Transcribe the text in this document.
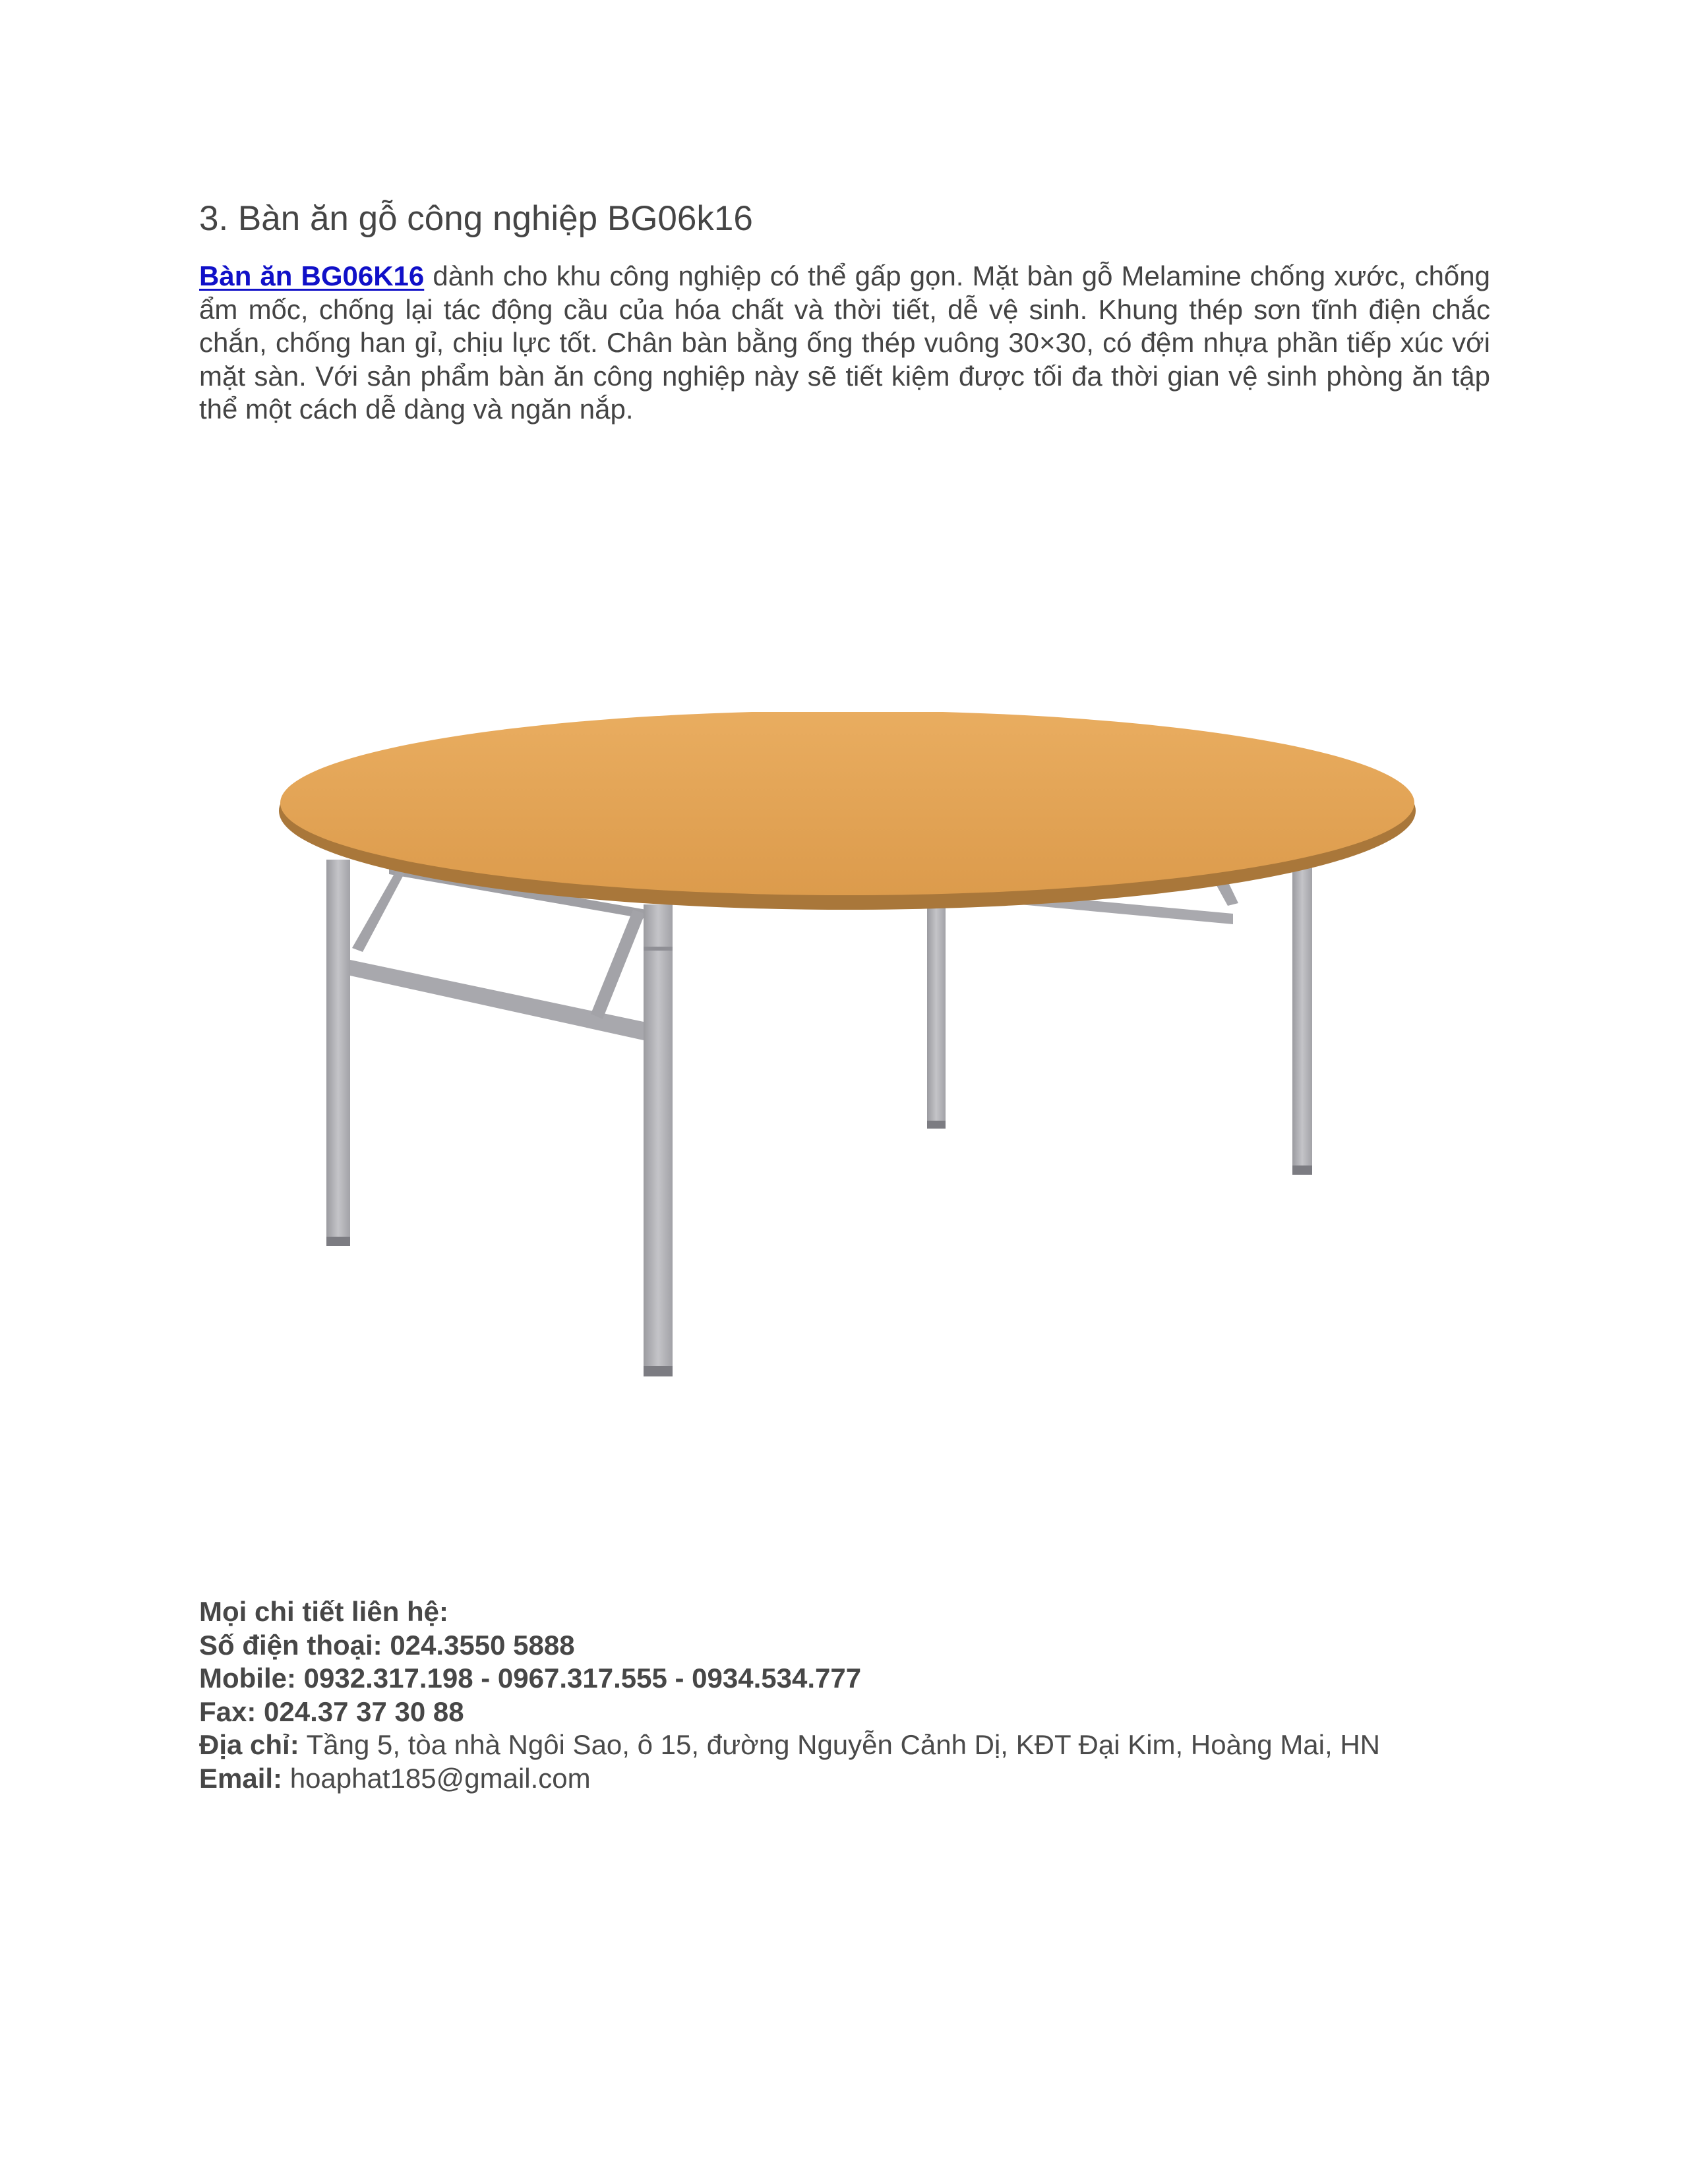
3. Bàn ăn gỗ công nghiệp BG06k16

Bàn ăn BG06K16 dành cho khu công nghiệp có thể gấp gọn. Mặt bàn gỗ Melamine chống xước, chống ẩm mốc, chống lại tác động cầu của hóa chất và thời tiết, dễ vệ sinh. Khung thép sơn tĩnh điện chắc chắn, chống han gỉ, chịu lực tốt. Chân bàn bằng ống thép vuông 30×30, có đệm nhựa phần tiếp xúc với mặt sàn. Với sản phẩm bàn ăn công nghiệp này sẽ tiết kiệm được tối đa thời gian vệ sinh phòng ăn tập thể một cách dễ dàng và ngăn nắp.

Mọi chi tiết liên hệ:
Số điện thoại: 024.3550 5888
Mobile: 0932.317.198 - 0967.317.555 - 0934.534.777
Fax: 024.37 37 30 88
Địa chỉ: Tầng 5, tòa nhà Ngôi Sao, ô 15, đường Nguyễn Cảnh Dị, KĐT Đại Kim, Hoàng Mai, HN
Email: hoaphat185@gmail.com
